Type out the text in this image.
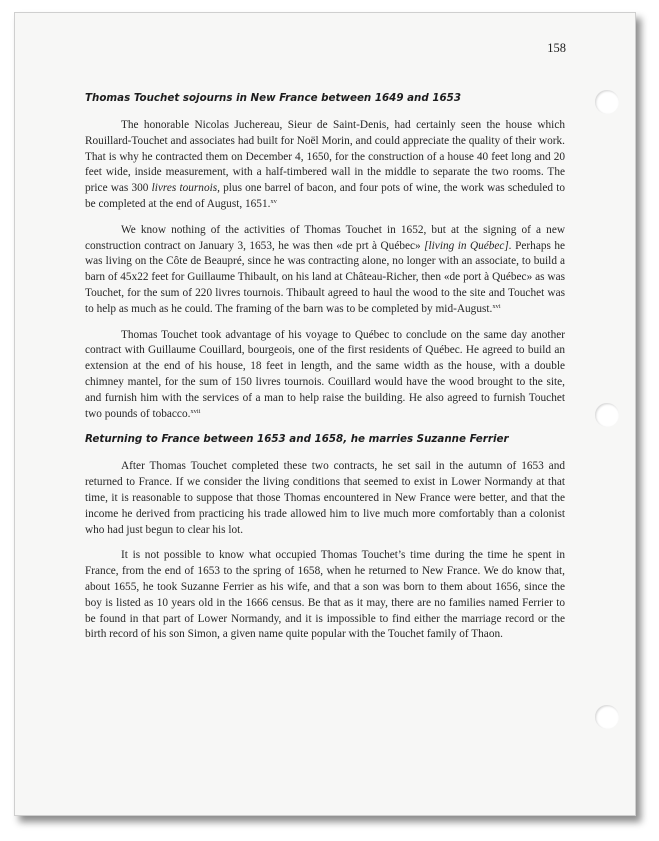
158
Thomas Touchet sojourns in New France between 1649 and 1653

The honorable Nicolas Juchereau, Sieur de Saint-Denis, had certainly seen the house which Rouillard-Touchet and associates had built for Noël Morin, and could appreciate the quality of their work. That is why he contracted them on December 4, 1650, for the construction of a house 40 feet long and 20 feet wide, inside measurement, with a half-timbered wall in the middle to separate the two rooms. The price was 300 livres tournois, plus one barrel of bacon, and four pots of wine, the work was scheduled to be completed at the end of August, 1651.$^{xv}$

We know nothing of the activities of Thomas Touchet in 1652, but at the signing of a new construction contract on January 3, 1653, he was then «de prt à Québec» [living in Québec]. Perhaps he was living on the Côte de Beaupré, since he was contracting alone, no longer with an associate, to build a barn of 45x22 feet for Guillaume Thibault, on his land at Château-Richer, then «de port à Québec» as was Touchet, for the sum of 220 livres tournois. Thibault agreed to haul the wood to the site and Touchet was to help as much as he could. The framing of the barn was to be completed by mid-August.$^{xvi}$

Thomas Touchet took advantage of his voyage to Québec to conclude on the same day another contract with Guillaume Couillard, bourgeois, one of the first residents of Québec. He agreed to build an extension at the end of his house, 18 feet in length, and the same width as the house, with a double chimney mantel, for the sum of 150 livres tournois. Couillard would have the wood brought to the site, and furnish him with the services of a man to help raise the building. He also agreed to furnish Touchet two pounds of tobacco.$^{xvii}$

Returning to France between 1653 and 1658, he marries Suzanne Ferrier

After Thomas Touchet completed these two contracts, he set sail in the autumn of 1653 and returned to France. If we consider the living conditions that seemed to exist in Lower Normandy at that time, it is reasonable to suppose that those Thomas encountered in New France were better, and that the income he derived from practicing his trade allowed him to live much more comfortably than a colonist who had just begun to clear his lot.

It is not possible to know what occupied Thomas Touchet’s time during the time he spent in France, from the end of 1653 to the spring of 1658, when he returned to New France. We do know that, about 1655, he took Suzanne Ferrier as his wife, and that a son was born to them about 1656, since the boy is listed as 10 years old in the 1666 census. Be that as it may, there are no families named Ferrier to be found in that part of Lower Normandy, and it is impossible to find either the marriage record or the birth record of his son Simon, a given name quite popular with the Touchet family of Thaon.
